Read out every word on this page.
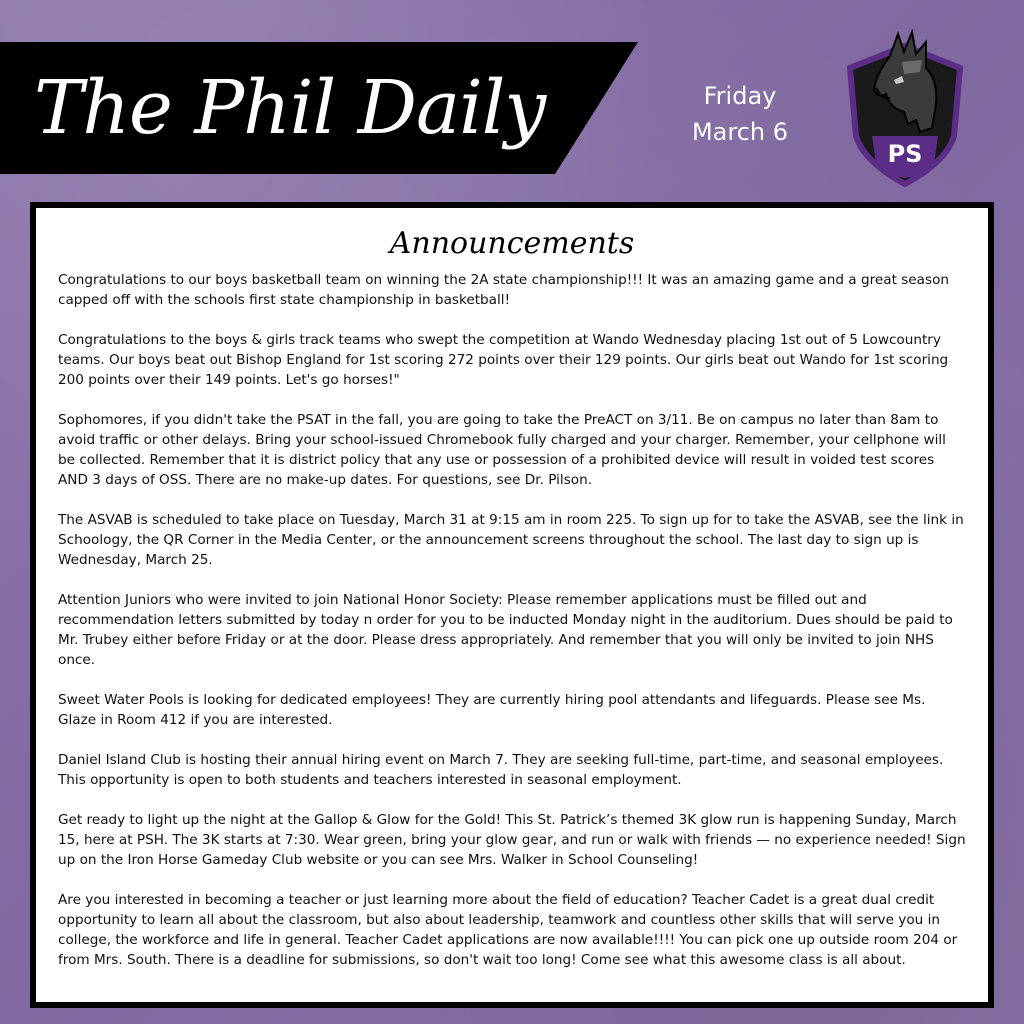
The Phil Daily	Friday
March 6
PS
Announcements

Congratulations to our boys basketball team on winning the 2A state championship!!! It was an amazing game and a great season capped off with the schools first state championship in basketball!

Congratulations to the boys & girls track teams who swept the competition at Wando Wednesday placing 1st out of 5 Lowcountry teams. Our boys beat out Bishop England for 1st scoring 272 points over their 129 points. Our girls beat out Wando for 1st scoring 200 points over their 149 points. Let's go horses!"

Sophomores, if you didn't take the PSAT in the fall, you are going to take the PreACT on 3/11. Be on campus no later than 8am to avoid traffic or other delays. Bring your school-issued Chromebook fully charged and your charger. Remember, your cellphone will be collected. Remember that it is district policy that any use or possession of a prohibited device will result in voided test scores AND 3 days of OSS. There are no make-up dates. For questions, see Dr. Pilson.

The ASVAB is scheduled to take place on Tuesday, March 31 at 9:15 am in room 225. To sign up for to take the ASVAB, see the link in Schoology, the QR Corner in the Media Center, or the announcement screens throughout the school. The last day to sign up is Wednesday, March 25.

Attention Juniors who were invited to join National Honor Society: Please remember applications must be filled out and recommendation letters submitted by today n order for you to be inducted Monday night in the auditorium. Dues should be paid to Mr. Trubey either before Friday or at the door. Please dress appropriately. And remember that you will only be invited to join NHS once.

Sweet Water Pools is looking for dedicated employees! They are currently hiring pool attendants and lifeguards. Please see Ms. Glaze in Room 412 if you are interested.

Daniel Island Club is hosting their annual hiring event on March 7. They are seeking full-time, part-time, and seasonal employees. This opportunity is open to both students and teachers interested in seasonal employment.

Get ready to light up the night at the Gallop & Glow for the Gold! This St. Patrick’s themed 3K glow run is happening Sunday, March 15, here at PSH. The 3K starts at 7:30. Wear green, bring your glow gear, and run or walk with friends — no experience needed! Sign up on the Iron Horse Gameday Club website or you can see Mrs. Walker in School Counseling!

Are you interested in becoming a teacher or just learning more about the field of education? Teacher Cadet is a great dual credit opportunity to learn all about the classroom, but also about leadership, teamwork and countless other skills that will serve you in college, the workforce and life in general. Teacher Cadet applications are now available!!!! You can pick one up outside room 204 or from Mrs. South. There is a deadline for submissions, so don't wait too long! Come see what this awesome class is all about.
